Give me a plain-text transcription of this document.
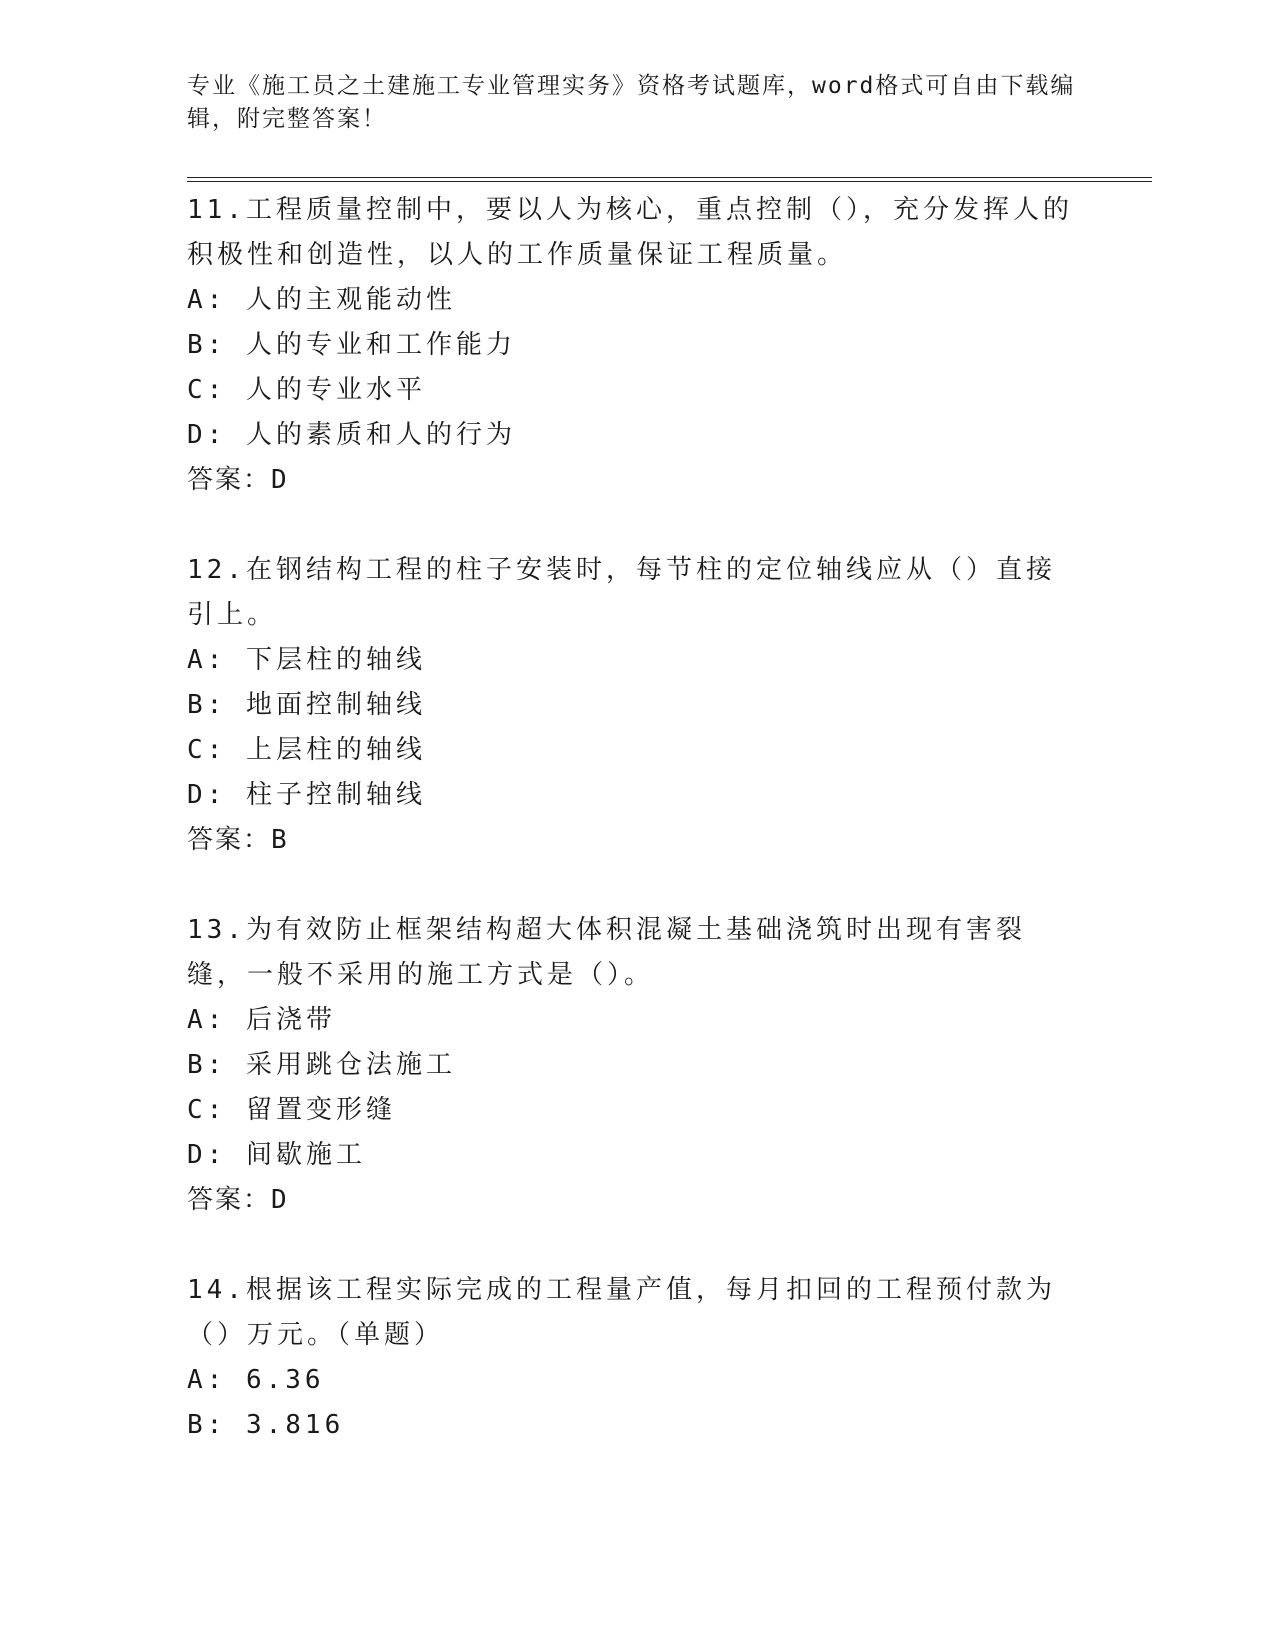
专业《施工员之土建施工专业管理实务》资格考试题库，word格式可自由下载编辑，附完整答案！

11.工程质量控制中，要以人为核心，重点控制（），充分发挥人的积极性和创造性，以人的工作质量保证工程质量。

A: 人的主观能动性

B: 人的专业和工作能力

C: 人的专业水平

D: 人的素质和人的行为

答案：D

12.在钢结构工程的柱子安装时，每节柱的定位轴线应从（）直接引上。

A: 下层柱的轴线

B: 地面控制轴线

C: 上层柱的轴线

D: 柱子控制轴线

答案：B

13.为有效防止框架结构超大体积混凝土基础浇筑时出现有害裂缝，一般不采用的施工方式是（）。

A: 后浇带

B: 采用跳仓法施工

C: 留置变形缝

D: 间歇施工

答案：D

14.根据该工程实际完成的工程量产值，每月扣回的工程预付款为（）万元。（单题）

A: 6.36

B: 3.816
